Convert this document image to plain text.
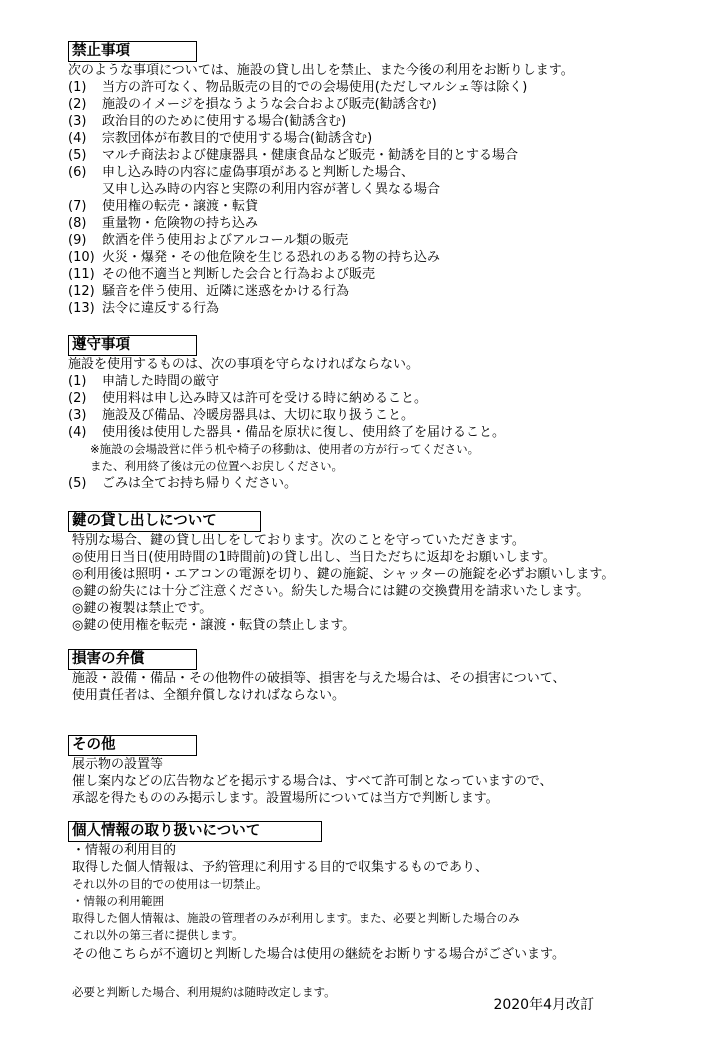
禁止事項
次のような事項については、施設の貸し出しを禁止、また今後の利用をお断りします。
(1)	当方の許可なく、物品販売の目的での会場使用(ただしマルシェ等は除く)
(2)	施設のイメージを損なうような会合および販売(勧誘含む)
(3)	政治目的のために使用する場合(勧誘含む)
(4)	宗教団体が布教目的で使用する場合(勧誘含む)
(5)	マルチ商法および健康器具・健康食品など販売・勧誘を目的とする場合
(6)	申し込み時の内容に虚偽事項があると判断した場合、
又申し込み時の内容と実際の利用内容が著しく異なる場合
(7)	使用権の転売・譲渡・転貸
(8)	重量物・危険物の持ち込み
(9)	飲酒を伴う使用およびアルコール類の販売
(10) 火災・爆発・その他危険を生じる恐れのある物の持ち込み
(11) その他不適当と判断した会合と行為および販売
(12) 騒音を伴う使用、近隣に迷惑をかける行為
(13) 法令に違反する行為
遵守事項
施設を使用するものは、次の事項を守らなければならない。
(1)	申請した時間の厳守
(2)	使用料は申し込み時又は許可を受ける時に納めること。
(3)	施設及び備品、冷暖房器具は、大切に取り扱うこと。
(4)	使用後は使用した器具・備品を原状に復し、使用終了を届けること。
※施設の会場設営に伴う机や椅子の移動は、使用者の方が行ってください。
また、利用終了後は元の位置へお戻しください。
(5)	ごみは全てお持ち帰りください。
鍵の貸し出しについて
特別な場合、鍵の貸し出しをしております。次のことを守っていただきます。
◎使用日当日(使用時間の1時間前)の貸し出し、当日ただちに返却をお願いします。
◎利用後は照明・エアコンの電源を切り、鍵の施錠、シャッターの施錠を必ずお願いします。
◎鍵の紛失には十分ご注意ください。紛失した場合には鍵の交換費用を請求いたします。
◎鍵の複製は禁止です。
◎鍵の使用権を転売・譲渡・転貸の禁止します。
損害の弁償
施設・設備・備品・その他物件の破損等、損害を与えた場合は、その損害について、
使用責任者は、全額弁償しなければならない。
その他
展示物の設置等
催し案内などの広告物などを掲示する場合は、すべて許可制となっていますので、
承認を得たもののみ掲示します。設置場所については当方で判断します。
個人情報の取り扱いについて
・情報の利用目的
取得した個人情報は、予約管理に利用する目的で収集するものであり、
それ以外の目的での使用は一切禁止。
・情報の利用範囲
取得した個人情報は、施設の管理者のみが利用します。また、必要と判断した場合のみ
これ以外の第三者に提供します。
その他こちらが不適切と判断した場合は使用の継続をお断りする場合がございます。
必要と判断した場合、利用規約は随時改定します。
2020年4月改訂
